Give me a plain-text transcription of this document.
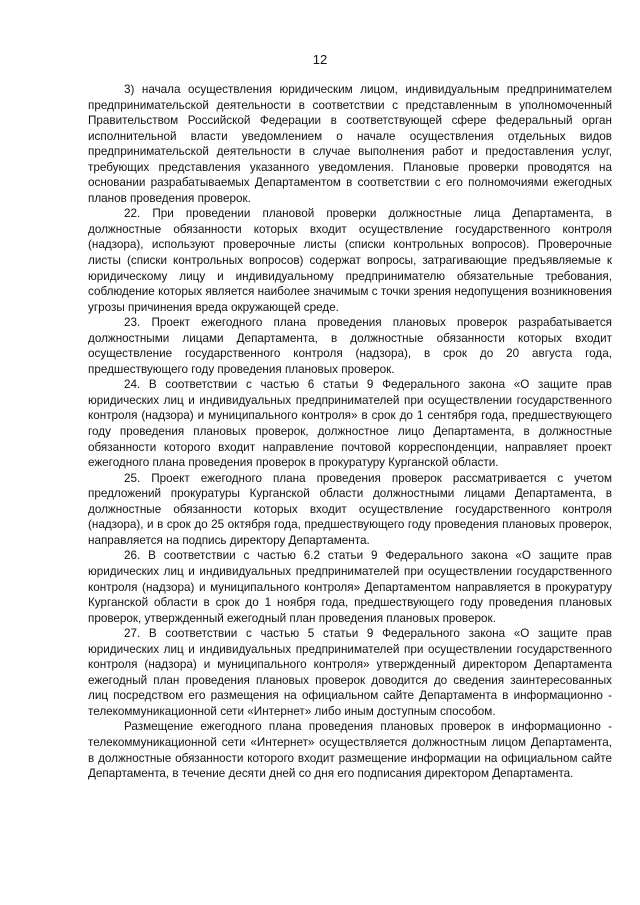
·
12

3) начала осуществления юридическим лицом, индивидуальным предпринимателем предпринимательской деятельности в соответствии с представленным в уполномоченный Правительством Российской Федерации в соответствующей сфере федеральный орган исполнительной власти уведомлением о начале осуществления отдельных видов предпринимательской деятельности в случае выполнения работ и предоставления услуг, требующих представления указанного уведомления. Плановые проверки проводятся на основании разрабатываемых Департаментом в соответствии с его полномочиями ежегодных планов проведения проверок.

22. При проведении плановой проверки должностные лица Департамента, в должностные обязанности которых входит осуществление государственного контроля (надзора), используют проверочные листы (списки контрольных вопросов). Проверочные листы (списки контрольных вопросов) содержат вопросы, затрагивающие предъявляемые к юридическому лицу и индивидуальному предпринимателю обязательные требования, соблюдение которых является наиболее значимым с точки зрения недопущения возникновения угрозы причинения вреда окружающей среде.

23. Проект ежегодного плана проведения плановых проверок разрабатывается должностными лицами Департамента, в должностные обязанности которых входит осуществление государственного контроля (надзора), в срок до 20 августа года, предшествующего году проведения плановых проверок.

24. В соответствии с частью 6 статьи 9 Федерального закона «О защите прав юридических лиц и индивидуальных предпринимателей при осуществлении государственного контроля (надзора) и муниципального контроля» в срок до 1 сентября года, предшествующего году проведения плановых проверок, должностное лицо Департамента, в должностные обязанности которого входит направление почтовой корреспонденции, направляет проект ежегодного плана проведения проверок в прокуратуру Курганской области.

25. Проект ежегодного плана проведения проверок рассматривается с учетом предложений прокуратуры Курганской области должностными лицами Департамента, в должностные обязанности которых входит осуществление государственного контроля (надзора), и в срок до 25 октября года, предшествующего году проведения плановых проверок, направляется на подпись директору Департамента.

26. В соответствии с частью 6.2 статьи 9 Федерального закона «О защите прав юридических лиц и индивидуальных предпринимателей при осуществлении государственного контроля (надзора) и муниципального контроля» Департаментом направляется в прокуратуру Курганской области в срок до 1 ноября года, предшествующего году проведения плановых проверок, утвержденный ежегодный план проведения плановых проверок.

27. В соответствии с частью 5 статьи 9 Федерального закона «О защите прав юридических лиц и индивидуальных предпринимателей при осуществлении государственного контроля (надзора) и муниципального контроля» утвержденный директором Департамента ежегодный план проведения плановых проверок доводится до сведения заинтересованных лиц посредством его размещения на официальном сайте Департамента в информационно - телекоммуникационной сети «Интернет» либо иным доступным способом.

Размещение ежегодного плана проведения плановых проверок в информационно - телекоммуникационной сети «Интернет» осуществляется должностным лицом Департамента, в должностные обязанности которого входит размещение информации на официальном сайте Департамента, в течение десяти дней со дня его подписания директором Департамента.
